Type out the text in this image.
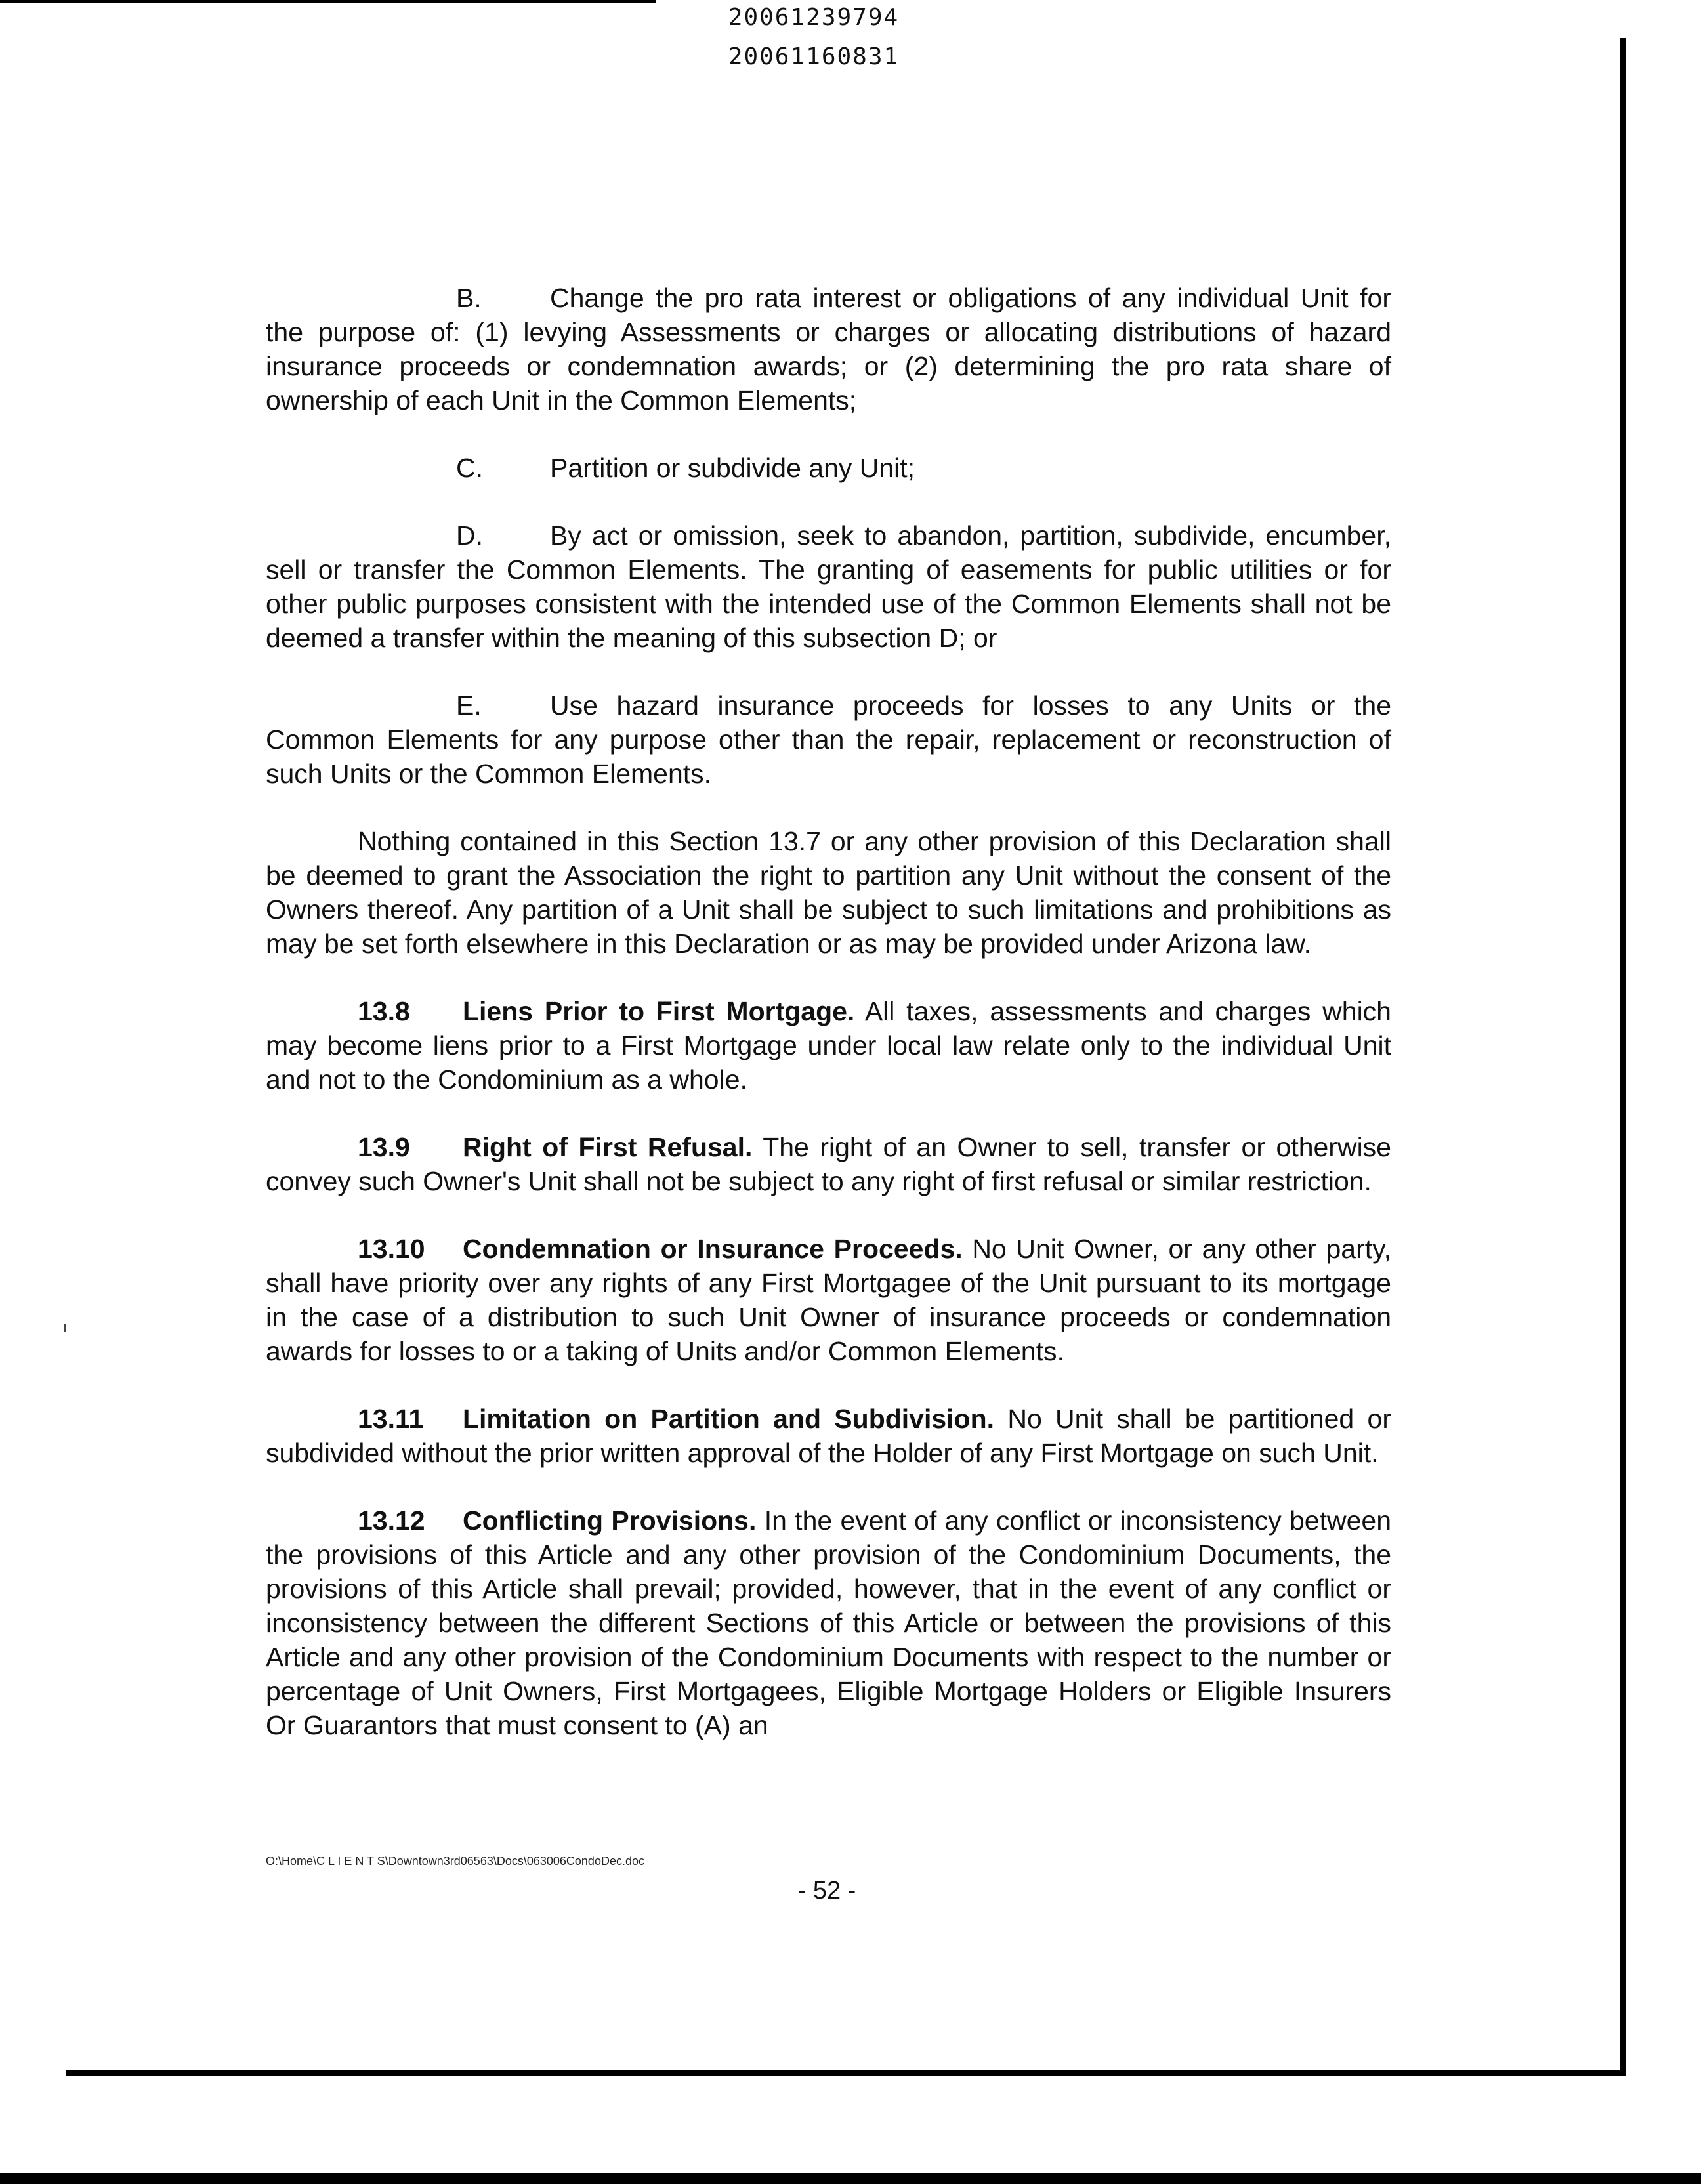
20061239794
20061160831

B.	Change the pro rata interest or obligations of any individual Unit for the purpose of: (1) levying Assessments or charges or allocating distributions of hazard insurance proceeds or condemnation awards; or (2) determining the pro rata share of ownership of each Unit in the Common Elements;

C. Partition or subdivide any Unit;

D. By act or omission, seek to abandon, partition, subdivide, encumber, sell or transfer the Common Elements. The granting of easements for public utilities or for other public purposes consistent with the intended use of the Common Elements shall not be deemed a transfer within the meaning of this subsection D; or

E.	Use hazard insurance proceeds for losses to any Units or the Common Elements for any purpose other than the repair, replacement or reconstruction of such Units or the Common Elements.

Nothing contained in this Section 13.7 or any other provision of this Declaration shall be deemed to grant the Association the right to partition any Unit without the consent of the Owners thereof. Any partition of a Unit shall be subject to such limitations and prohibitions as may be set forth elsewhere in this Declaration or as may be provided under Arizona law.

13.8 Liens Prior to First Mortgage. All taxes, assessments and charges which may become liens prior to a First Mortgage under local law relate only to the individual Unit and not to the Condominium as a whole.

13.9 Right of First Refusal. The right of an Owner to sell, transfer or otherwise convey such Owner's Unit shall not be subject to any right of first refusal or similar restriction.

13.10 Condemnation or Insurance Proceeds. No Unit Owner, or any other party, shall have priority over any rights of any First Mortgagee of the Unit pursuant to its mortgage in the case of a distribution to such Unit Owner of insurance proceeds or condemnation awards for losses to or a taking of Units and/or Common Elements.

13.11 Limitation on Partition and Subdivision. No Unit shall be partitioned or subdivided without the prior written approval of the Holder of any First Mortgage on such Unit.

13.12 Conflicting Provisions. In the event of any conflict or inconsistency between the provisions of this Article and any other provision of the Condominium Documents, the provisions of this Article shall prevail; provided, however, that in the event of any conflict or inconsistency between the different Sections of this Article or between the provisions of this Article and any other provision of the Condominium Documents with respect to the number or percentage of Unit Owners, First Mortgagees, Eligible Mortgage Holders or Eligible Insurers Or Guarantors that must consent to (A) an

O:\Home\C L I E N T S\Downtown3rd06563\Docs\063006CondoDec.doc
- 52 -
